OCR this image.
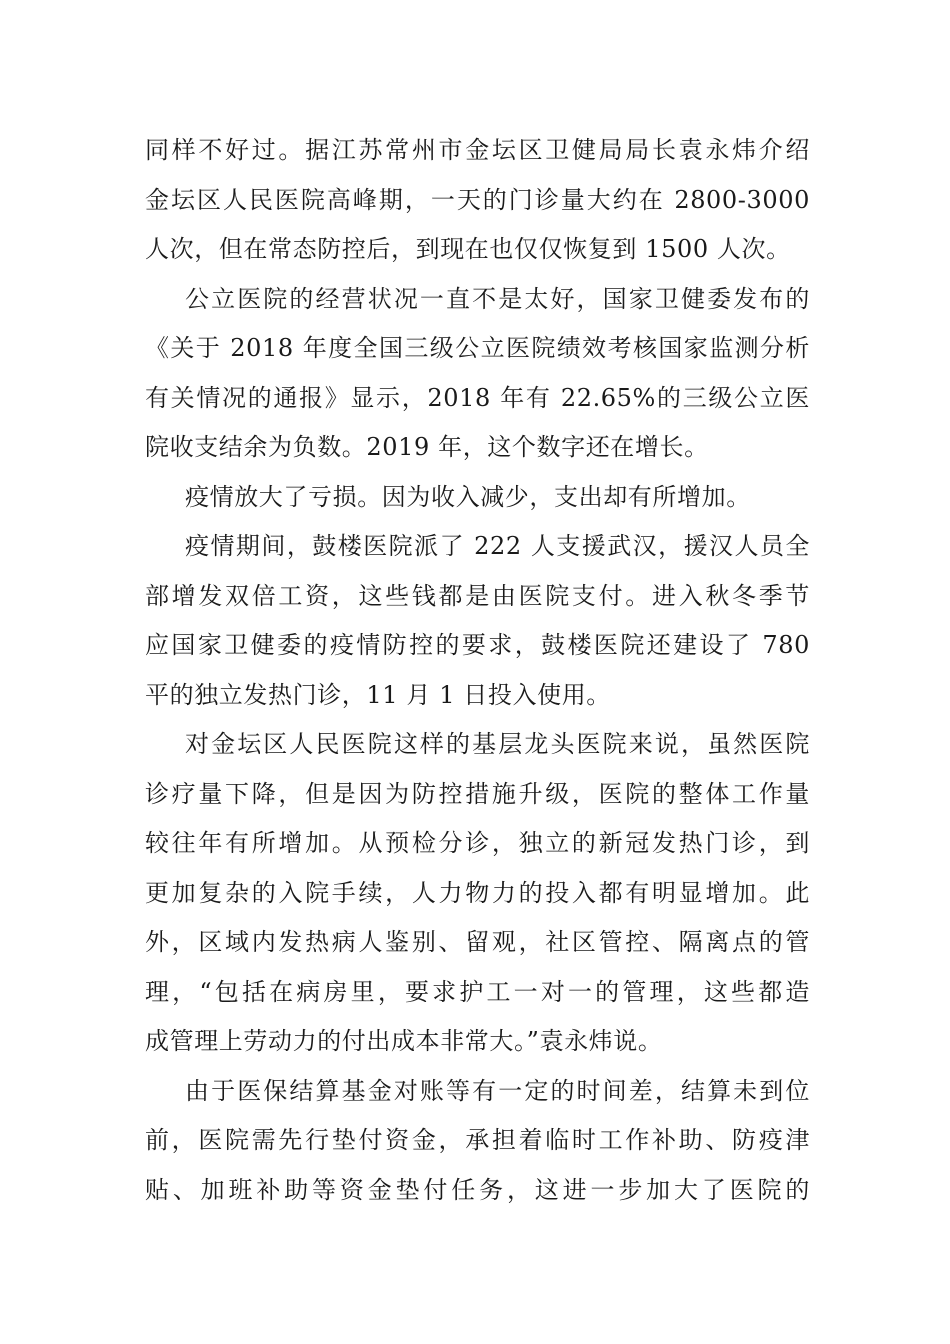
同样不好过。据江苏常州市金坛区卫健局局长袁永炜介绍
金坛区人民医院高峰期，一天的门诊量大约在 2800-3000
人次，但在常态防控后，到现在也仅仅恢复到 1500 人次。
公立医院的经营状况一直不是太好，国家卫健委发布的
《关于 2018 年度全国三级公立医院绩效考核国家监测分析
有关情况的通报》显示，2018 年有 22.65%的三级公立医
院收支结余为负数。2019 年，这个数字还在增长。
疫情放大了亏损。因为收入减少，支出却有所增加。
疫情期间，鼓楼医院派了 222 人支援武汉，援汉人员全
部增发双倍工资，这些钱都是由医院支付。进入秋冬季节
应国家卫健委的疫情防控的要求，鼓楼医院还建设了 780
平的独立发热门诊，11 月 1 日投入使用。
对金坛区人民医院这样的基层龙头医院来说，虽然医院
诊疗量下降，但是因为防控措施升级，医院的整体工作量
较往年有所增加。从预检分诊，独立的新冠发热门诊，到
更加复杂的入院手续，人力物力的投入都有明显增加。此
外，区域内发热病人鉴别、留观，社区管控、隔离点的管
理，“包括在病房里，要求护工一对一的管理，这些都造
成管理上劳动力的付出成本非常大。”袁永炜说。
由于医保结算基金对账等有一定的时间差，结算未到位
前，医院需先行垫付资金，承担着临时工作补助、防疫津
贴、加班补助等资金垫付任务，这进一步加大了医院的
